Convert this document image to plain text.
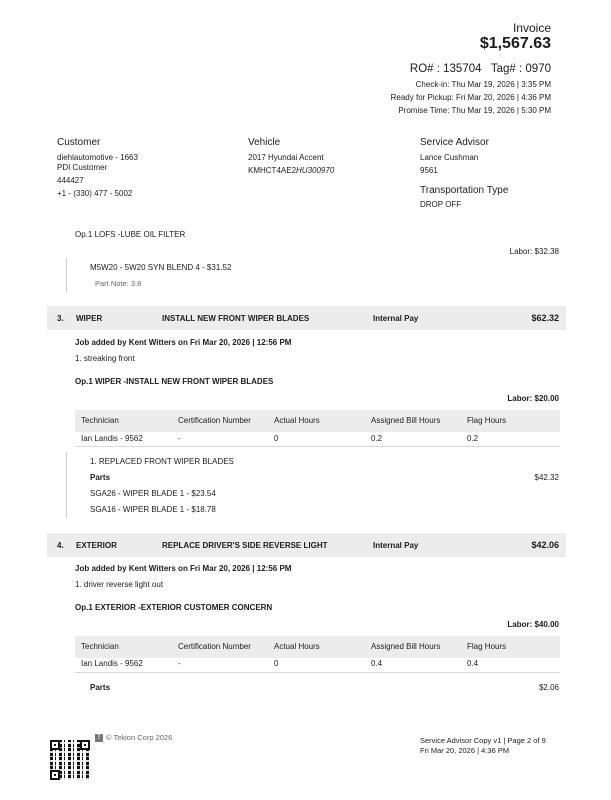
Invoice
$1,567.63
RO# : 135704   Tag# : 0970
Check-in: Thu Mar 19, 2026 | 3:35 PM
Ready for Pickup: Fri Mar 20, 2026 | 4:36 PM
Promise Time: Thu Mar 19, 2026 | 5:30 PM
Customer
diehlautomotive - 1663
PDI Customer
444427
+1 - (330) 477 - 5002
Vehicle
2017 Hyundai Accent
KMHCT4AE2HU300970
Service Advisor
Lance Cushman
9561
Transportation Type
DROP OFF
Op.1 LOFS -LUBE OIL FILTER
Labor: $32.38
M5W20 - 5W20 SYN BLEND 4 - $31.52
Part Note: 3.8
3. WIPER	INSTALL NEW FRONT WIPER BLADES	Internal Pay	$62.32
Job added by Kent Witters on Fri Mar 20, 2026 | 12:56 PM
1. streaking front
Op.1 WIPER -INSTALL NEW FRONT WIPER BLADES
Labor: $20.00
Technician	Certification Number	Actual Hours	Assigned Bill Hours	Flag Hours
Ian Landis - 9562	-	0	0.2	0.2
1. REPLACED FRONT WIPER BLADES
Parts	$42.32
SGA26 - WIPER BLADE 1 - $23.54
SGA16 - WIPER BLADE 1 - $18.78
4. EXTERIOR	REPLACE DRIVER'S SIDE REVERSE LIGHT	Internal Pay	$42.06
Job added by Kent Witters on Fri Mar 20, 2026 | 12:56 PM
1. driver reverse light out
Op.1 EXTERIOR -EXTERIOR CUSTOMER CONCERN
Labor: $40.00
Technician	Certification Number	Actual Hours	Assigned Bill Hours	Flag Hours
Ian Landis - 9562	-	0	0.4	0.4
Parts	$2.06
T © Tekion Corp 2026	Service Advisor Copy v1 | Page 2 of 9
Fri Mar 20, 2026 | 4:36 PM
